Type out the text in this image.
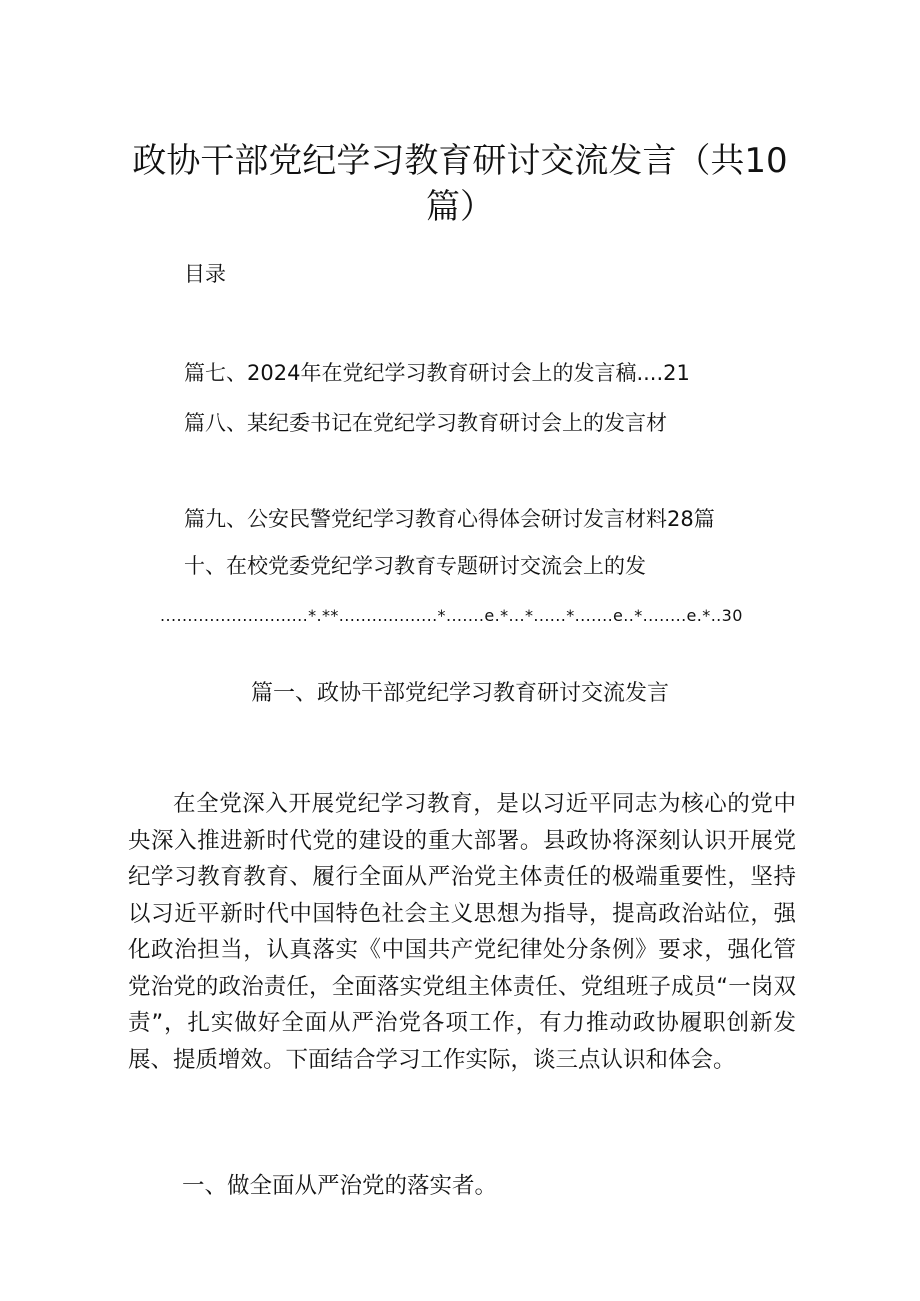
政协干部党纪学习教育研讨交流发言（共10篇）
目录
篇七、2024年在党纪学习教育研讨会上的发言稿....21
篇八、某纪委书记在党纪学习教育研讨会上的发言材
篇九、公安民警党纪学习教育心得体会研讨发言材料28篇
十、在校党委党纪学习教育专题研讨交流会上的发
...........................*.**..................*.......e.*...*......*.......e..*........e.*..30
篇一、政协干部党纪学习教育研讨交流发言

在全党深入开展党纪学习教育，是以习近平同志为核心的党中央深入推进新时代党的建设的重大部署。县政协将深刻认识开展党纪学习教育教育、履行全面从严治党主体责任的极端重要性，坚持以习近平新时代中国特色社会主义思想为指导，提高政治站位，强化政治担当，认真落实《中国共产党纪律处分条例》要求，强化管党治党的政治责任，全面落实党组主体责任、党组班子成员“一岗双责”，扎实做好全面从严治党各项工作，有力推动政协履职创新发展、提质增效。下面结合学习工作实际，谈三点认识和体会。

一、做全面从严治党的落实者。
